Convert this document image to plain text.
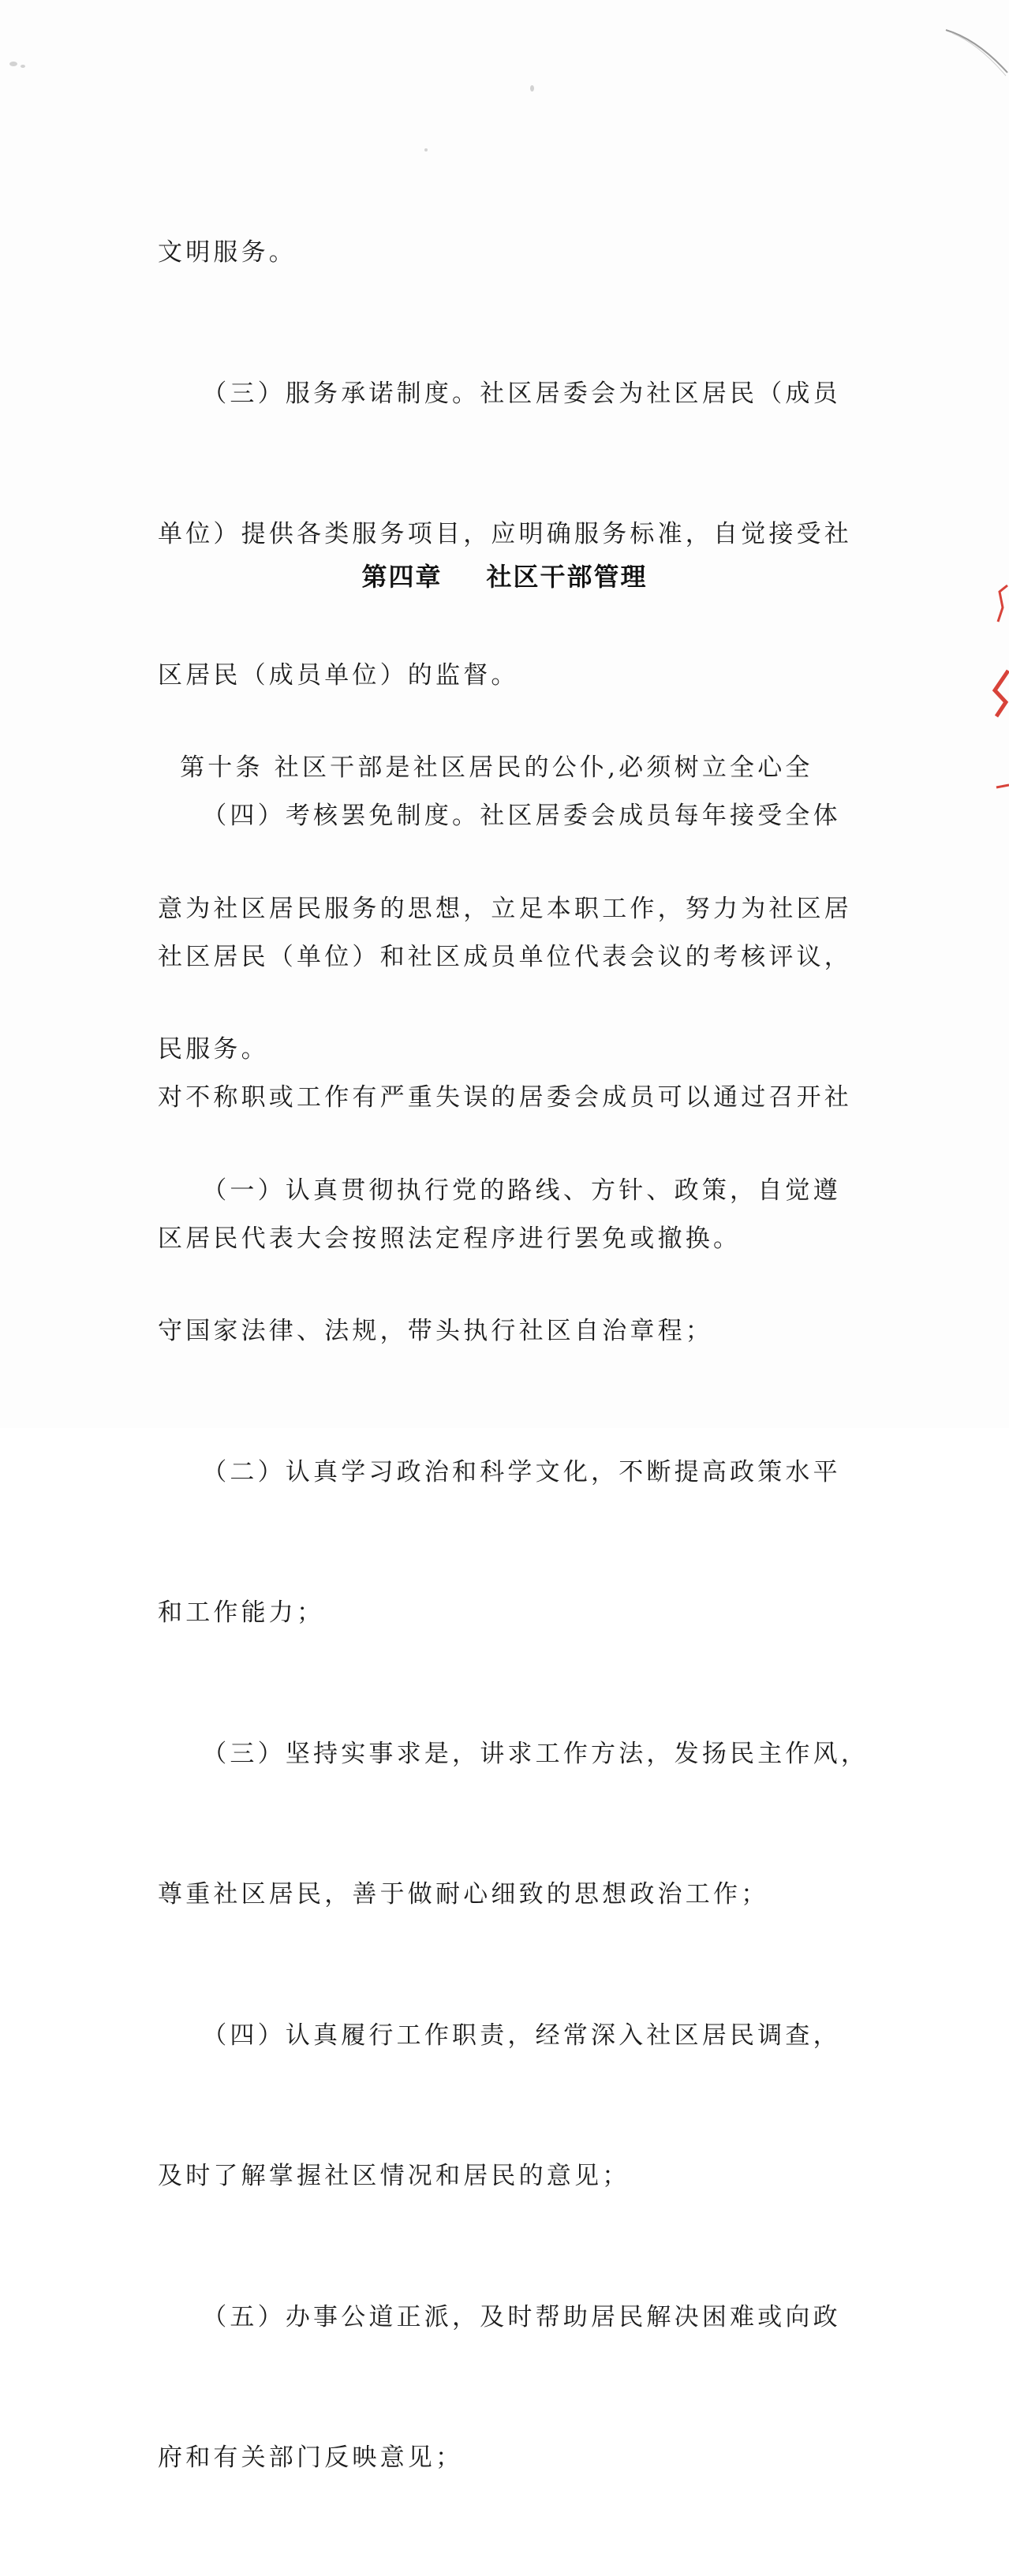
文明服务。

（三）服务承诺制度。社区居委会为社区居民（成员

单位）提供各类服务项目，应明确服务标准，自觉接受社

区居民（成员单位）的监督。

（四）考核罢免制度。社区居委会成员每年接受全体

社区居民（单位）和社区成员单位代表会议的考核评议，

对不称职或工作有严重失误的居委会成员可以通过召开社

区居民代表大会按照法定程序进行罢免或撤换。

第四章 社区干部管理

第十条 社区干部是社区居民的公仆,必须树立全心全

意为社区居民服务的思想，立足本职工作，努力为社区居

民服务。

（一）认真贯彻执行党的路线、方针、政策，自觉遵

守国家法律、法规，带头执行社区自治章程；

（二）认真学习政治和科学文化，不断提高政策水平

和工作能力；

（三）坚持实事求是，讲求工作方法，发扬民主作风，

尊重社区居民，善于做耐心细致的思想政治工作；

（四）认真履行工作职责，经常深入社区居民调查，

及时了解掌握社区情况和居民的意见；

（五）办事公道正派，及时帮助居民解决困难或向政

府和有关部门反映意见；
